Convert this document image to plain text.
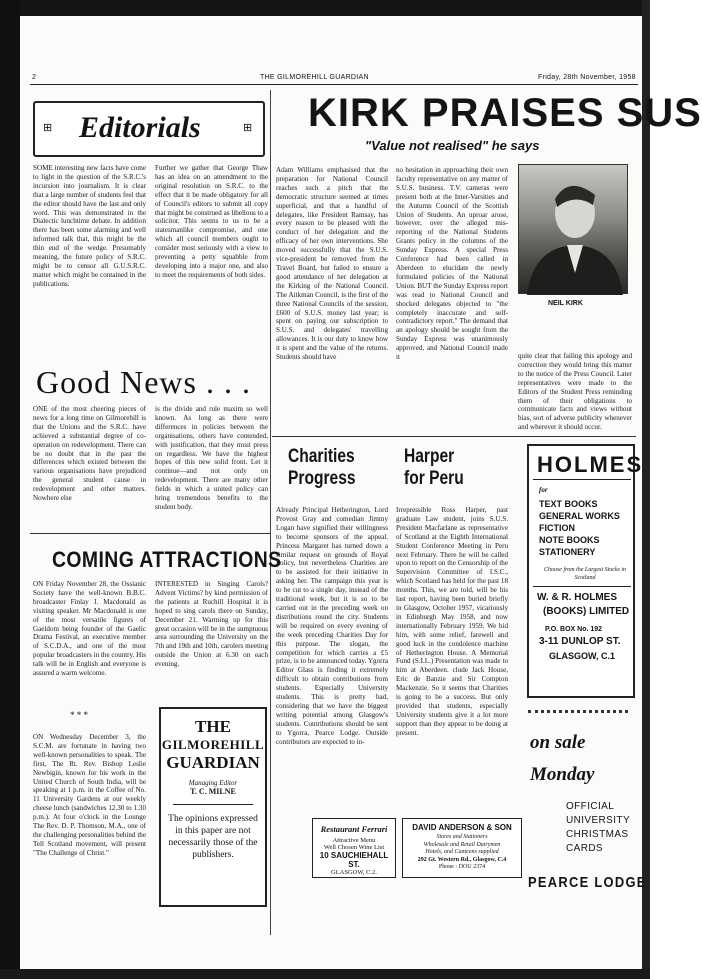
2	THE GILMOREHILL GUARDIAN	Friday, 28th November, 1958
⊞ Editorials	⊞
SOME interesting new facts have come to light in the question of the S.R.C.'s incursion into journalism. It is clear that a large number of students feel that the editor should have the last and only word. This was demonstrated in the Dialectic lunchtime debate. In addition there has been some alarming and well informed talk that, this might be the thin end of the wedge. Presumably meaning, the future policy of S.R.C. might be to censor all G.U.S.R.C. matter which might be contained in the publications.
Further we gather that George Thaw has an idea on an amendment to the original resolution on S.R.C. to the effect that it be made obligatory for all of Council's editors to submit all copy that might be construed as libellous to a solicitor. This seems to us to be a statesmanlike compromise, and one which all council members ought to consider most seriously with a view to preventing a petty squabble from developing into a major one, and also to meet the requirements of both sides.
Good News . . .
ONE of the most cheering pieces of news for a long time on Gilmorehill is that the Unions and the S.R.C. have achieved a substantial degree of co-operation on redevelopment. There can be no doubt that in the past the differences which existed between the various organisations have prejudiced the general student cause in redevelopment and other matters. Nowhere else
is the divide and rule maxim so well known. As long as there were differences in policies between the organisations, others have contended, with justification, that they must press on regardless. We have the highest hopes of this new solid front. Let it continue—and not only on redevelopment. There are many other fields in which a united policy can bring tremendous benefits to the student body.
KIRK PRAISES SUS
"Value not realised" he says
Adam Williams emphasised that the preparation for National Council reaches such a pitch that the democratic structure seemed at times superficial, and that a handful of delegates, like President Ramsay, has every reason to be pleased with the conduct of her delegation and the efficacy of her own interventions. She moved successfully that the S.U.S. vice-president be removed from the Travel Board, but failed to ensure a good attendance of her delegation at the Kirking of the National Council. The Aitkman Council, is the first of the three National Councils of the session, £600 of S.U.S. money last year; is spent on paying our subscription to S.U.S. and delegates' travelling allowances. It is our duty to know how it is spent and the value of the returns. Students should have
no hesitation in approaching their own faculty representative on any matter of S.U.S. business. T.V. cameras were present both at the Inter-Varsities and the Autumn Council of the Scottish Union of Students. An uproar arose, however, over the alleged mis-reporting of the National Students Grants policy in the columns of the Sunday Express. A special Press Conference had been called in Aberdeen to elucidate the newly formulated policies of the National Union. BUT the Sunday Express report was read to National Council and shocked delegates objected to "the completely inaccurate and self-contradictory report." The demand that an apology should be sought from the Sunday Express was unanimously approved, and National Council made it
NEIL KIRK
quite clear that failing this apology and correction they would bring this matter to the notice of the Press Council. Later representatives were made to the Editors of the Student Press reminding them of their obligations to communicate facts and views without bias, sort of adverse publicity whenever and wherever it should occur.
COMING ATTRACTIONS
ON Friday November 28, the Ossianic Society have the well-known B.B.C. broadcaster Finlay J. Macdonald as visiting speaker. Mr Macdonald is one of the most versatile figures of Gaeldom being founder of the Gaelic Drama Festival, an executive member of S.C.D.A., and one of the most popular broadcasters in the country. His talk will be in English and everyone is assured a warm welcome.
* * *
ON Wednesday December 3, the S.C.M. are fortunate in having two well-known personalities to speak. The first, The Rt. Rev. Bishop Leslie Newbigin, known for his work in the United Church of South India, will be speaking at 1 p.m. in the Coffee of No. 11 University Gardens at our weekly cheese lunch (sandwiches 12.30 to 1.30 p.m.). At four o'clock in the Lounge The Rev. D. P. Thomson, M.A., one of the challenging personalities behind the Tell Scotland movement, will present "The Challenge of Christ."
INTERESTED in Singing Carols? Advent Victims? by kind permission of the patients at Ruchill Hospital it is hoped to sing carols there on Sunday, December 21. Warming up for this great occasion will be in the sumptuous area surrounding the University on the 7th and 19th and 10th, carolers meeting outside the Union at 6.30 on each evening.
THE
GILMOREHILL
GUARDIAN
Managing Editor
T. C. MILNE
The opinions expressed in this paper are not necessarily those of the publishers.
Charities
Progress
Already Principal Hetherington, Lord Provost Gray and comedian Jimmy Logan have signified their willingness to become sponsors of the appeal. Princess Margaret has turned down a similar request on grounds of Royal Policy, but nevertheless Charities are to be assisted for their initiative in asking her. The campaign this year is to be cut to a single day, instead of the traditional week, but it is so to be carried out in the preceding week on distributions round the city. Students will be required on every evening of the week preceding Charities Day for this purpose. The slogan, the competition for which carries a £5 prize, is to be announced today. Ygorra Editor Glass is finding it extremely difficult to obtain contributions from students. Especially University students. This is pretty bad, considering that we have the biggest writing potential among Glasgow's students. Contributions should be sent to Ygorra, Pearce Lodge. Outside contributors are expected to in-
Harper
for Peru
Irrepressible Ross Harper, past graduate Law student, joins S.U.S. President Macfarlane as representative of Scotland at the Eighth International Student Conference Meeting in Peru next February. There he will be called upon to report on the Censorship of the Supervision Committee of I.S.C., which Scotland has held for the past 18 months. This, we are told, will be his last report, having been buried briefly in Glasgow, October 1957, vicariously in Edinburgh May 1958, and now internationally February 1959. We bid him, with some relief, farewell and good luck in the condolence machine of Hetherington House. A Memorial Fund (S.I.L.) Presentation was made to him at Aberdeen. clude Jack House, Eric de Banzie and Sir Compton Mackenzie. So it seems that Charities is going to be a success. But only provided that students, especially University students give it a lot more support than they appear to be doing at present.
Restaurant Ferrari
Attractive Menu
Well Chosen Wine List
10 SAUCHIEHALL ST.
GLASGOW, C.2.
DAVID ANDERSON & SON
Stores and Stationers
Wholesale and Retail Dairymen
Hotels, and Canteens supplied
292 Gt. Western Rd., Glasgow, C.4
Phone : DOU 2374
HOLMES
for
TEXT BOOKS
GENERAL WORKS
FICTION
NOTE BOOKS
STATIONERY
Choose from the Largest Stocks in Scotland
W. & R. HOLMES
(BOOKS) LIMITED
P.O. BOX No. 192
3-11 DUNLOP ST.
GLASGOW, C.1
on sale
Monday
OFFICIAL
UNIVERSITY
CHRISTMAS
CARDS
PEARCE LODGE
